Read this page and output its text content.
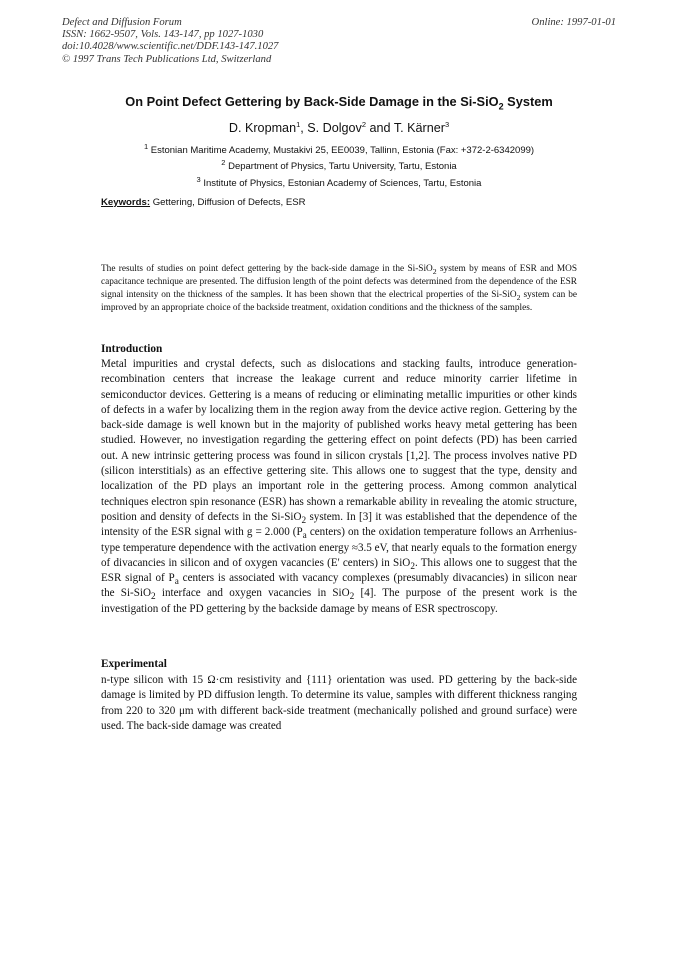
Defect and Diffusion Forum
ISSN: 1662-9507, Vols. 143-147, pp 1027-1030
doi:10.4028/www.scientific.net/DDF.143-147.1027
© 1997 Trans Tech Publications Ltd, Switzerland
Online: 1997-01-01
On Point Defect Gettering by Back-Side Damage in the Si-SiO$_2$ System
D. Kropman$^1$, S. Dolgov$^2$ and T. Kärner$^3$
$^1$ Estonian Maritime Academy, Mustakivi 25, EE0039, Tallinn, Estonia (Fax: +372-2-6342099)
$^2$ Department of Physics, Tartu University, Tartu, Estonia
$^3$ Institute of Physics, Estonian Academy of Sciences, Tartu, Estonia
Keywords: Gettering, Diffusion of Defects, ESR
The results of studies on point defect gettering by the back-side damage in the Si-SiO$_2$ system by means of ESR and MOS capacitance technique are presented. The diffusion length of the point defects was determined from the dependence of the ESR signal intensity on the thickness of the samples. It has been shown that the electrical properties of the Si-SiO$_2$ system can be improved by an appropriate choice of the backside treatment, oxidation conditions and the thickness of the samples.
Introduction
Metal impurities and crystal defects, such as dislocations and stacking faults, introduce generation-recombination centers that increase the leakage current and reduce minority carrier lifetime in semiconductor devices. Gettering is a means of reducing or eliminating metallic impurities or other kinds of defects in a wafer by localizing them in the region away from the device active region. Gettering by the back-side damage is well known but in the majority of published works heavy metal gettering has been studied. However, no investigation regarding the gettering effect on point defects (PD) has been carried out. A new intrinsic gettering process was found in silicon crystals [1,2]. The process involves native PD (silicon interstitials) as an effective gettering site. This allows one to suggest that the type, density and localization of the PD plays an important role in the gettering process. Among common analytical techniques electron spin resonance (ESR) has shown a remarkable ability in revealing the atomic structure, position and density of defects in the Si-SiO$_2$ system. In [3] it was established that the dependence of the intensity of the ESR signal with g = 2.000 ($P_a$ centers) on the oxidation temperature follows an Arrhenius-type temperature dependence with the activation energy ≈3.5 eV, that nearly equals to the formation energy of divacancies in silicon and of oxygen vacancies (E' centers) in SiO$_2$. This allows one to suggest that the ESR signal of $P_a$ centers is associated with vacancy complexes (presumably divacancies) in silicon near the Si-SiO$_2$ interface and oxygen vacancies in SiO$_2$ [4]. The purpose of the present work is the investigation of the PD gettering by the backside damage by means of ESR spectroscopy.
Experimental
n-type silicon with 15 Ω·cm resistivity and {111} orientation was used. PD gettering by the back-side damage is limited by PD diffusion length. To determine its value, samples with different thickness ranging from 220 to 320 μm with different back-side treatment (mechanically polished and ground surface) were used. The back-side damage was created
